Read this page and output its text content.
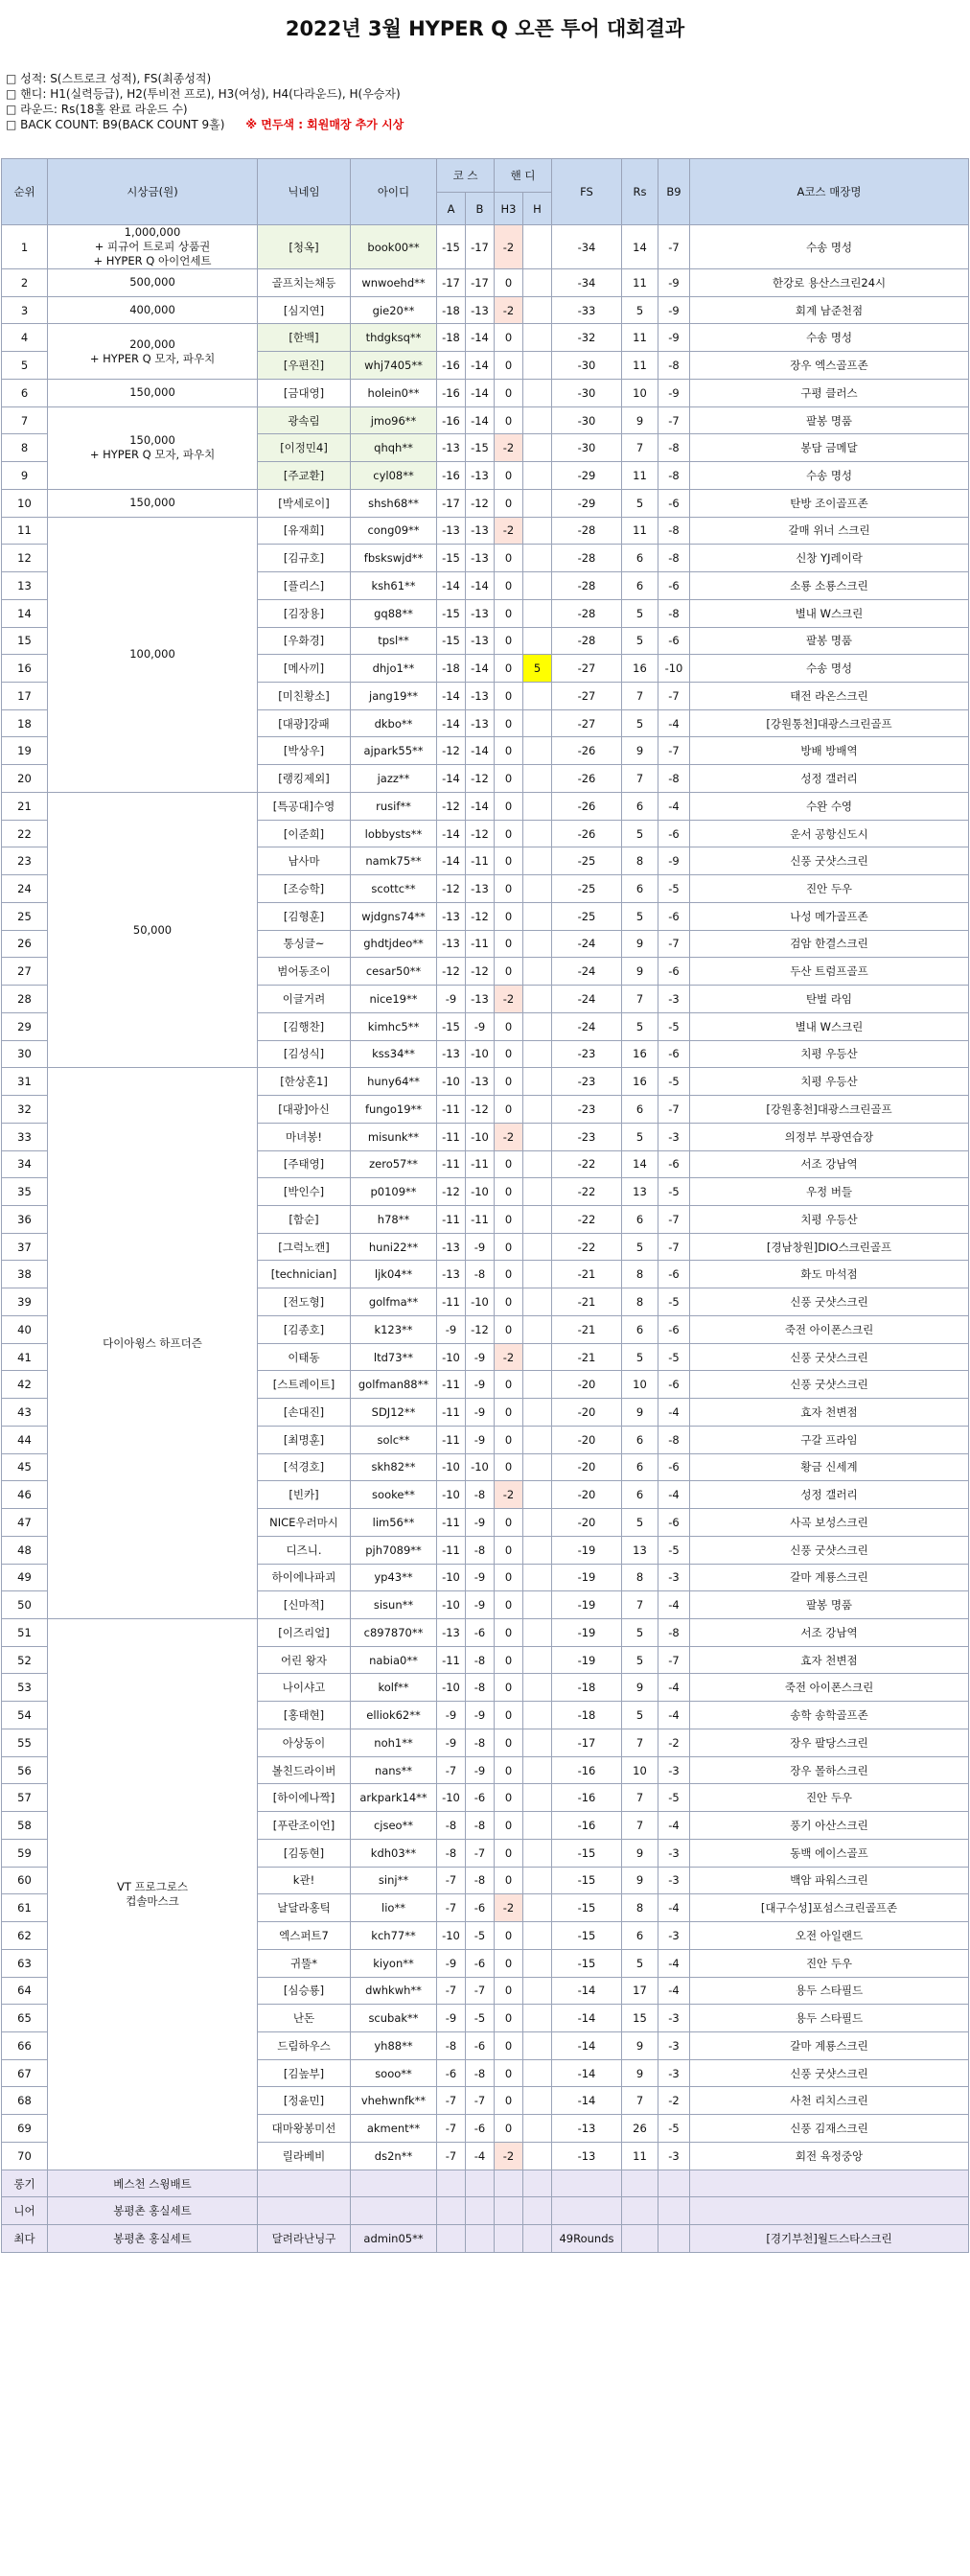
2022년 3월 HYPER Q 오픈 투어 대회결과
□ 성적: S(스트로크 성적), FS(최종성적)
□ 핸디: H1(실력등급), H2(투비전 프로), H3(여성), H4(다라운드), H(우승자)
□ 라운드: Rs(18홀 완료 라운드 수)
□ BACK COUNT: B9(BACK COUNT 9홀) ※ 면두색 : 회원매장 추가 시상
순위	시상금(원)	닉네임	아이디	코 스		핸 디		FS	Rs	B9	A코스 매장명
				A	B	H3	H				
1	1,000,000
+ 피규어 트로피 상품권
+ HYPER Q 아이언세트	[청옥]	book00**	-15	-17	-2		-34	14	-7	수송 명성
2	500,000	골프치는채등	wnwoehd**	-17	-17	0		-34	11	-9	한강로 용산스크린24시
3	400,000	[심지연]	gie20**	-18	-13	-2		-33	5	-9	회계 남준천점
4	200,000
+ HYPER Q 모자, 파우치	[한백]	thdgksq**	-18	-14	0		-32	11	-9	수송 명성
5		[우편진]	whj7405**	-16	-14	0		-30	11	-8	장우 엑스골프존
6	150,000	[금대영]	holein0**	-16	-14	0		-30	10	-9	구평 클러스
7	150,000
+ HYPER Q 모자, 파우치	광속림	jmo96**	-16	-14	0		-30	9	-7	팔봉 명품
8		[이정민4]	qhqh**	-13	-15	-2		-30	7	-8	봉담 금메달
9		[주교환]	cyl08**	-16	-13	0		-29	11	-8	수송 명성
10	150,000	[박세로이]	shsh68**	-17	-12	0		-29	5	-6	탄방 조이골프존
11	100,000	[유재희]	cong09**	-13	-13	-2		-28	11	-8	갈매 위너 스크린
12		[김규호]	fbskswjd**	-15	-13	0		-28	6	-8	신창 YJ레이락
13		[플리스]	ksh61**	-14	-14	0		-28	6	-6	소룡 소룡스크린
14		[김장용]	gq88**	-15	-13	0		-28	5	-8	별내 W스크린
15		[우화경]	tpsl**	-15	-13	0		-28	5	-6	팔봉 명품
16		[메사끼]	dhjo1**	-18	-14	0	5	-27	16	-10	수송 명성
17		[미친황소]	jang19**	-14	-13	0		-27	7	-7	태전 라온스크린
18		[대광]강패	dkbo**	-14	-13	0		-27	5	-4	[강원통천]대광스크린골프
19		[박상우]	ajpark55**	-12	-14	0		-26	9	-7	방배 방배역
20		[랭킹제외]	jazz**	-14	-12	0		-26	7	-8	성정 갤러리
21	50,000	[특공대]수영	rusif**	-12	-14	0		-26	6	-4	수완 수영
22		[이준희]	lobbysts**	-14	-12	0		-26	5	-6	운서 공항신도시
23		남사마	namk75**	-14	-11	0		-25	8	-9	신풍 굿샷스크린
24		[조승학]	scottc**	-12	-13	0		-25	6	-5	진안 두우
25		[김형훈]	wjdgns74**	-13	-12	0		-25	5	-6	나성 메가골프존
26		통싱글~	ghdtjdeo**	-13	-11	0		-24	9	-7	검암 한결스크린
27		범어동조이	cesar50**	-12	-12	0		-24	9	-6	두산 트럼프골프
28		이글거려	nice19**	-9	-13	-2		-24	7	-3	탄벌 라임
29		[김행찬]	kimhc5**	-15	-9	0		-24	5	-5	별내 W스크린
30		[김성식]	kss34**	-13	-10	0		-23	16	-6	치평 우등산
31	다이아윙스 하프더즌	[한상혼1]	huny64**	-10	-13	0		-23	16	-5	치평 우등산
32		[대광]아신	fungo19**	-11	-12	0		-23	6	-7	[강원홍천]대광스크린골프
33		마녀봉!	misunk**	-11	-10	-2		-23	5	-3	의정부 부광연습장
34		[주태영]	zero57**	-11	-11	0		-22	14	-6	서조 강남역
35		[박인수]	p0109**	-12	-10	0		-22	13	-5	우정 버들
36		[함순]	h78**	-11	-11	0		-22	6	-7	치평 우등산
37		[그럭노캔]	huni22**	-13	-9	0		-22	5	-7	[경남창원]DIO스크린골프
38		[technician]	ljk04**	-13	-8	0		-21	8	-6	화도 마석점
39		[전도형]	golfma**	-11	-10	0		-21	8	-5	신풍 굿샷스크린
40		[김종호]	k123**	-9	-12	0		-21	6	-6	죽전 아이폰스크린
41		이태동	ltd73**	-10	-9	-2		-21	5	-5	신풍 굿샷스크린
42		[스트레이트]	golfman88**	-11	-9	0		-20	10	-6	신풍 굿샷스크린
43		[손대진]	SDJ12**	-11	-9	0		-20	9	-4	효자 천변점
44		[최명훈]	solc**	-11	-9	0		-20	6	-8	구갈 프라임
45		[석경호]	skh82**	-10	-10	0		-20	6	-6	황금 신세계
46		[빈카]	sooke**	-10	-8	-2		-20	6	-4	성정 갤러리
47		NICE우러마시	lim56**	-11	-9	0		-20	5	-6	사곡 보성스크린
48		디즈니.	pjh7089**	-11	-8	0		-19	13	-5	신풍 굿샷스크린
49		하이에나파괴	yp43**	-10	-9	0		-19	8	-3	갈마 계룡스크린
50		[신마적]	sisun**	-10	-9	0		-19	7	-4	팔봉 명품
51	VT 프로그로스
컵솔마스크	[이즈리얼]	c897870**	-13	-6	0		-19	5	-8	서조 강남역
52		어린 왕자	nabia0**	-11	-8	0		-19	5	-7	효자 천변점
53		나이샤고	kolf**	-10	-8	0		-18	9	-4	죽전 아이폰스크린
54		[홍태현]	elliok62**	-9	-9	0		-18	5	-4	송학 송학골프존
55		아상동이	noh1**	-9	-8	0		-17	7	-2	장우 팔당스크린
56		볼친드라이버	nans**	-7	-9	0		-16	10	-3	장우 몰하스크린
57		[하이에나짝]	arkpark14**	-10	-6	0		-16	7	-5	진안 두우
58		[푸란조이언]	cjseo**	-8	-8	0		-16	7	-4	풍기 아산스크린
59		[김동현]	kdh03**	-8	-7	0		-15	9	-3	동백 에이스골프
60		k관!	sinj**	-7	-8	0		-15	9	-3	백암 파워스크린
61		날달라홍틱	lio**	-7	-6	-2		-15	8	-4	[대구수성]포섬스크린골프존
62		엑스퍼트7	kch77**	-10	-5	0		-15	6	-3	오전 아일랜드
63		귀뚤*	kiyon**	-9	-6	0		-15	5	-4	진안 두우
64		[심승룡]	dwhkwh**	-7	-7	0		-14	17	-4	용두 스타필드
65		난돈	scubak**	-9	-5	0		-14	15	-3	용두 스타필드
66		드림하우스	yh88**	-8	-6	0		-14	9	-3	갈마 계룡스크린
67		[김높부]	sooo**	-6	-8	0		-14	9	-3	신풍 굿샷스크린
68		[정윤민]	vhehwnfk**	-7	-7	0		-14	7	-2	사천 리치스크린
69		대마왕봉미선	akment**	-7	-6	0		-13	26	-5	신풍 김재스크린
70		릴라베비	ds2n**	-7	-4	-2		-13	11	-3	회전 육정중앙
롱기	베스천 스윙배트										
니어	봉평촌 홍실세트										
최다	봉평촌 홍실세트	달려라난닝구	admin05**					49Rounds			[경기부천]월드스타스크린
